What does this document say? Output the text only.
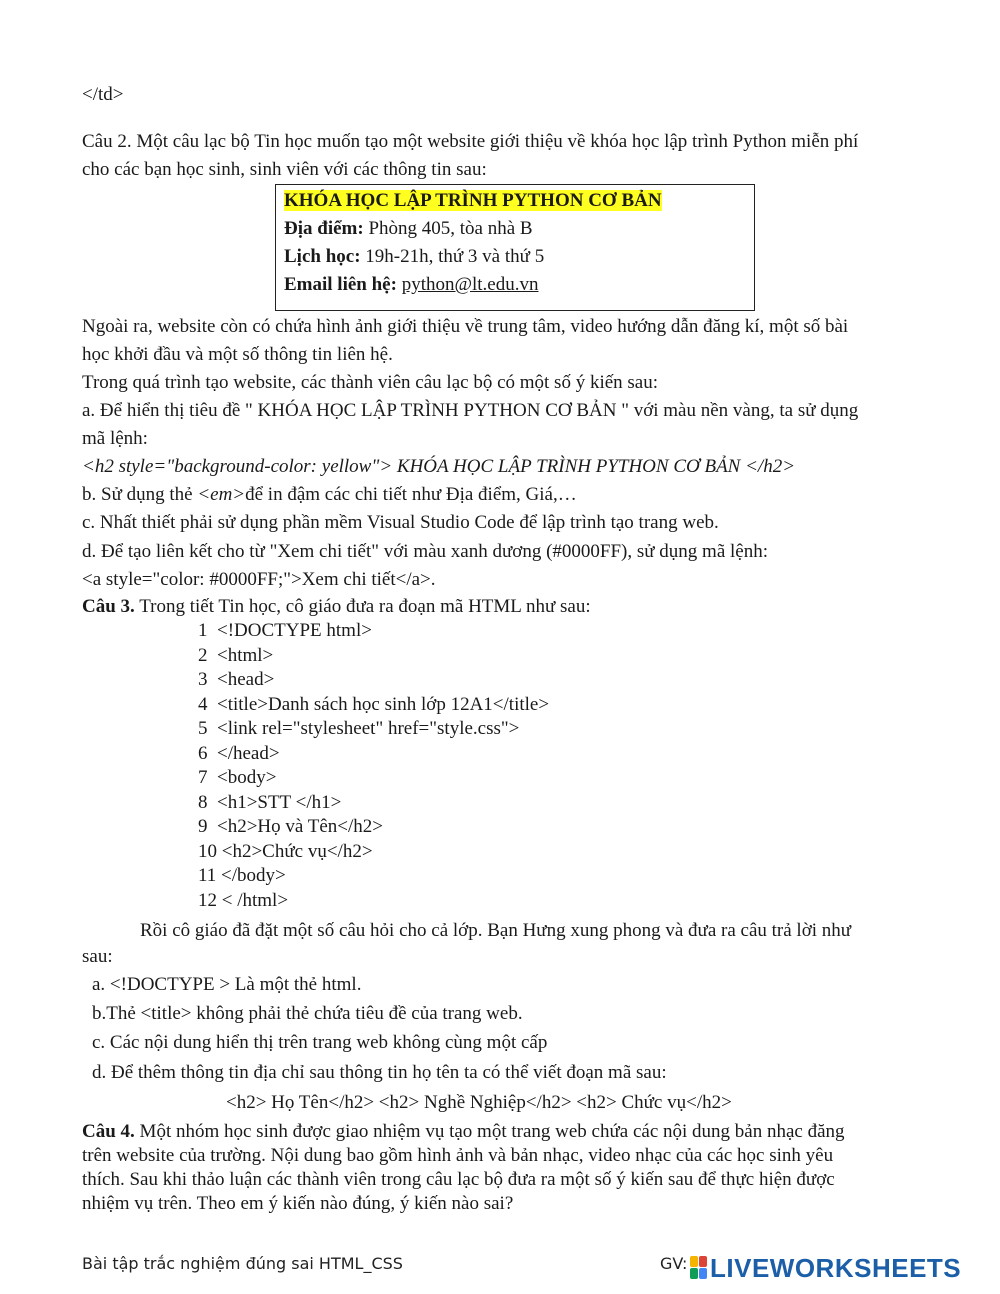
</td>
Câu 2. Một câu lạc bộ Tin học muốn tạo một website giới thiệu về khóa học lập trình Python miễn phí
cho các bạn học sinh, sinh viên với các thông tin sau:
KHÓA HỌC LẬP TRÌNH PYTHON CƠ BẢN
Địa điểm: Phòng 405, tòa nhà B
Lịch học: 19h-21h, thứ 3 và thứ 5
Email liên hệ: python@lt.edu.vn
Ngoài ra, website còn có chứa hình ảnh giới thiệu về trung tâm, video hướng dẫn đăng kí, một số bài
học khởi đầu và một số thông tin liên hệ.
Trong quá trình tạo website, các thành viên câu lạc bộ có một số ý kiến sau:
a. Để hiển thị tiêu đề " KHÓA HỌC LẬP TRÌNH PYTHON CƠ BẢN " với màu nền vàng, ta sử dụng
mã lệnh:
<h2 style="background-color: yellow"> KHÓA HỌC LẬP TRÌNH PYTHON CƠ BẢN </h2>
b. Sử dụng thẻ <em>để in đậm các chi tiết như Địa điểm, Giá,…
c. Nhất thiết phải sử dụng phần mềm Visual Studio Code để lập trình tạo trang web.
d. Để tạo liên kết cho từ "Xem chi tiết" với màu xanh dương (#0000FF), sử dụng mã lệnh:
<a style="color: #0000FF;">Xem chi tiết</a>.
Câu 3. Trong tiết Tin học, cô giáo đưa ra đoạn mã HTML như sau:
1  <!DOCTYPE html>
2  <html>
3  <head>
4  <title>Danh sách học sinh lớp 12A1</title>
5  <link rel="stylesheet" href="style.css">
6  </head>
7  <body>
8  <h1>STT </h1>
9  <h2>Họ và Tên</h2>
10 <h2>Chức vụ</h2>
11 </body>
12 < /html>
Rồi cô giáo đã đặt một số câu hỏi cho cả lớp. Bạn Hưng xung phong và đưa ra câu trả lời như
sau:
a. <!DOCTYPE > Là một thẻ html.
b.Thẻ <title> không phải thẻ chứa tiêu đề của trang web.
c. Các nội dung hiển thị trên trang web không cùng một cấp
d. Để thêm thông tin địa chỉ sau thông tin họ tên ta có thể viết đoạn mã sau:
<h2> Họ Tên</h2> <h2> Nghề Nghiệp</h2> <h2> Chức vụ</h2>
Câu 4. Một nhóm học sinh được giao nhiệm vụ tạo một trang web chứa các nội dung bản nhạc đăng
trên website của trường. Nội dung bao gồm hình ảnh và bản nhạc, video nhạc của các học sinh yêu
thích. Sau khi thảo luận các thành viên trong câu lạc bộ đưa ra một số ý kiến sau để thực hiện được
nhiệm vụ trên. Theo em ý kiến nào đúng, ý kiến nào sai?
Bài tập trắc nghiệm đúng sai HTML_CSS	GV: LIVEWORKSHEETS
